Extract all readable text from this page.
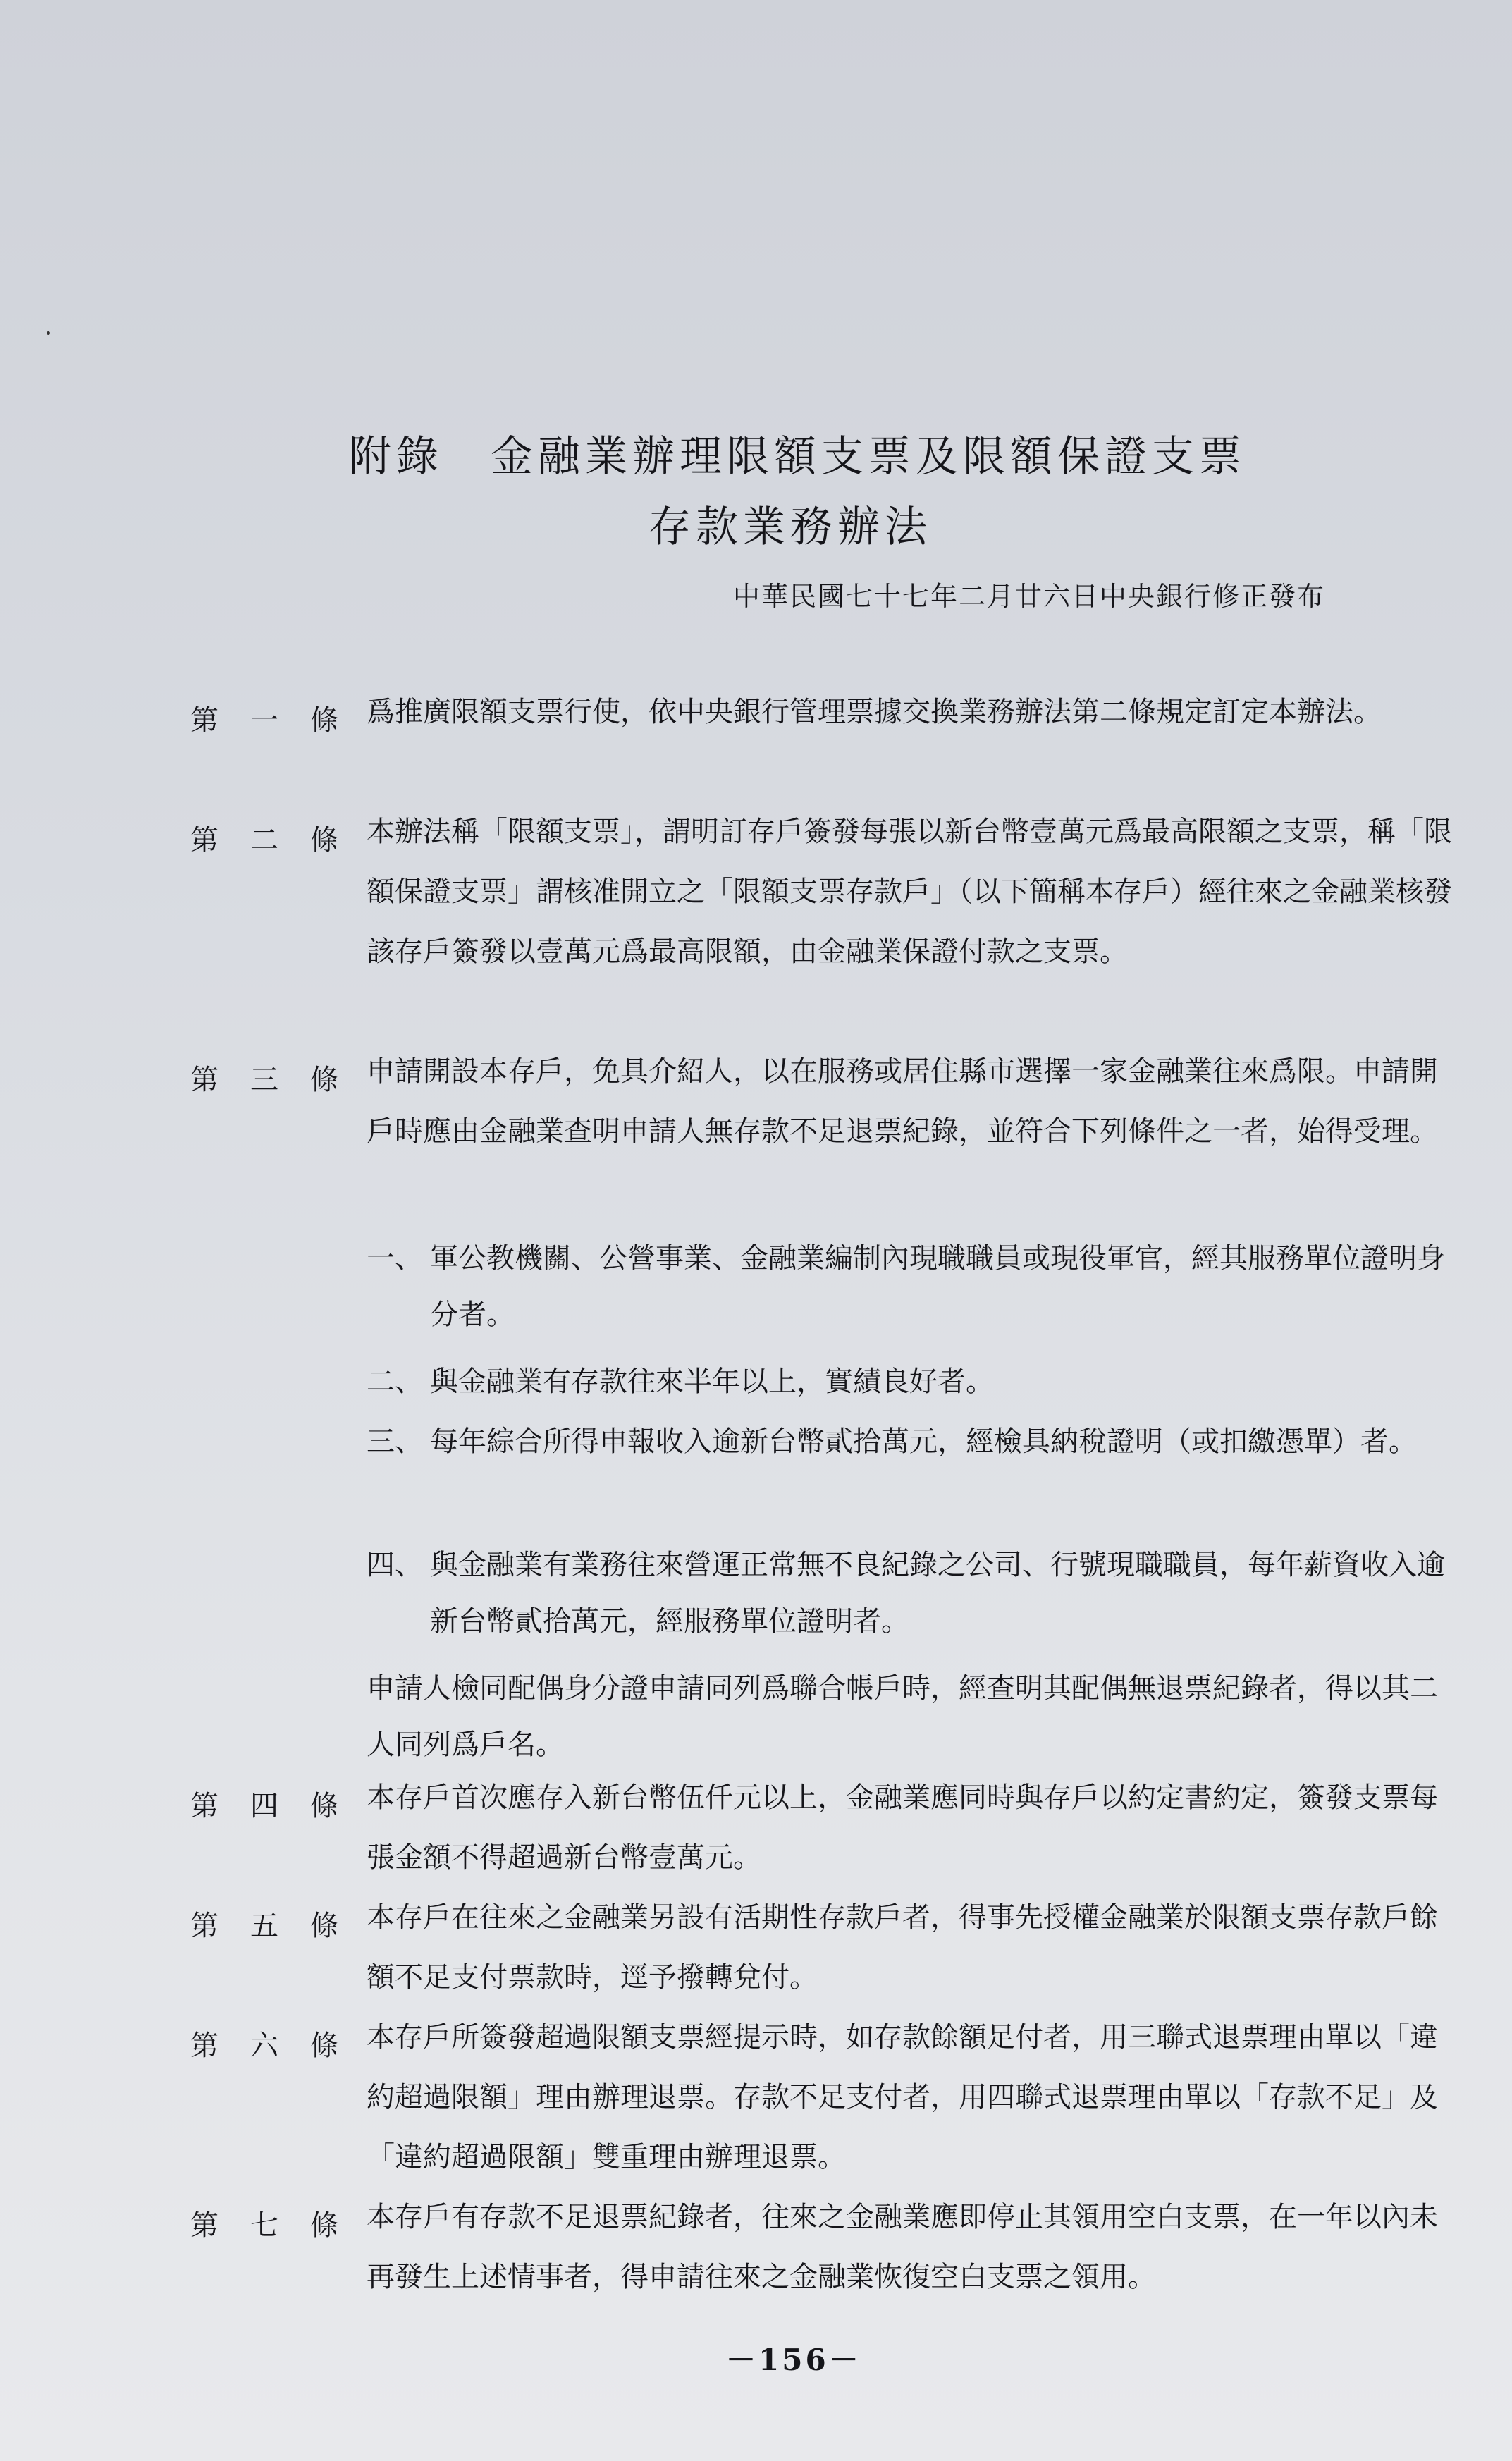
附錄　金融業辦理限額支票及限額保證支票
存款業務辦法
中華民國七十七年二月廿六日中央銀行修正發布
第 一 條 爲推廣限額支票行使，依中央銀行管理票據交換業務辦法第二條規定訂定本辦法。
第 二 條 本辦法稱「限額支票」，謂明訂存戶簽發每張以新台幣壹萬元爲最高限額之支票，稱「限額保證支票」謂核准開立之「限額支票存款戶」（以下簡稱本存戶）經往來之金融業核發該存戶簽發以壹萬元爲最高限額，由金融業保證付款之支票。
第 三 條 申請開設本存戶，免具介紹人，以在服務或居住縣市選擇一家金融業往來爲限。申請開戶時應由金融業查明申請人無存款不足退票紀錄，並符合下列條件之一者，始得受理。
一、 軍公教機關、公營事業、金融業編制內現職職員或現役軍官，經其服務單位證明身分者。
二、 與金融業有存款往來半年以上，實績良好者。
三、 每年綜合所得申報收入逾新台幣貳拾萬元，經檢具納稅證明（或扣繳憑單）者。
四、 與金融業有業務往來營運正常無不良紀錄之公司、行號現職職員，每年薪資收入逾新台幣貳拾萬元，經服務單位證明者。
申請人檢同配偶身分證申請同列爲聯合帳戶時，經查明其配偶無退票紀錄者，得以其二人同列爲戶名。
第 四 條 本存戶首次應存入新台幣伍仟元以上，金融業應同時與存戶以約定書約定，簽發支票每張金額不得超過新台幣壹萬元。
第 五 條 本存戶在往來之金融業另設有活期性存款戶者，得事先授權金融業於限額支票存款戶餘額不足支付票款時，逕予撥轉兌付。
第 六 條 本存戶所簽發超過限額支票經提示時，如存款餘額足付者，用三聯式退票理由單以「違約超過限額」理由辦理退票。存款不足支付者，用四聯式退票理由單以「存款不足」及「違約超過限額」雙重理由辦理退票。
第 七 條 本存戶有存款不足退票紀錄者，往來之金融業應即停止其領用空白支票，在一年以內未再發生上述情事者，得申請往來之金融業恢復空白支票之領用。
－156－
